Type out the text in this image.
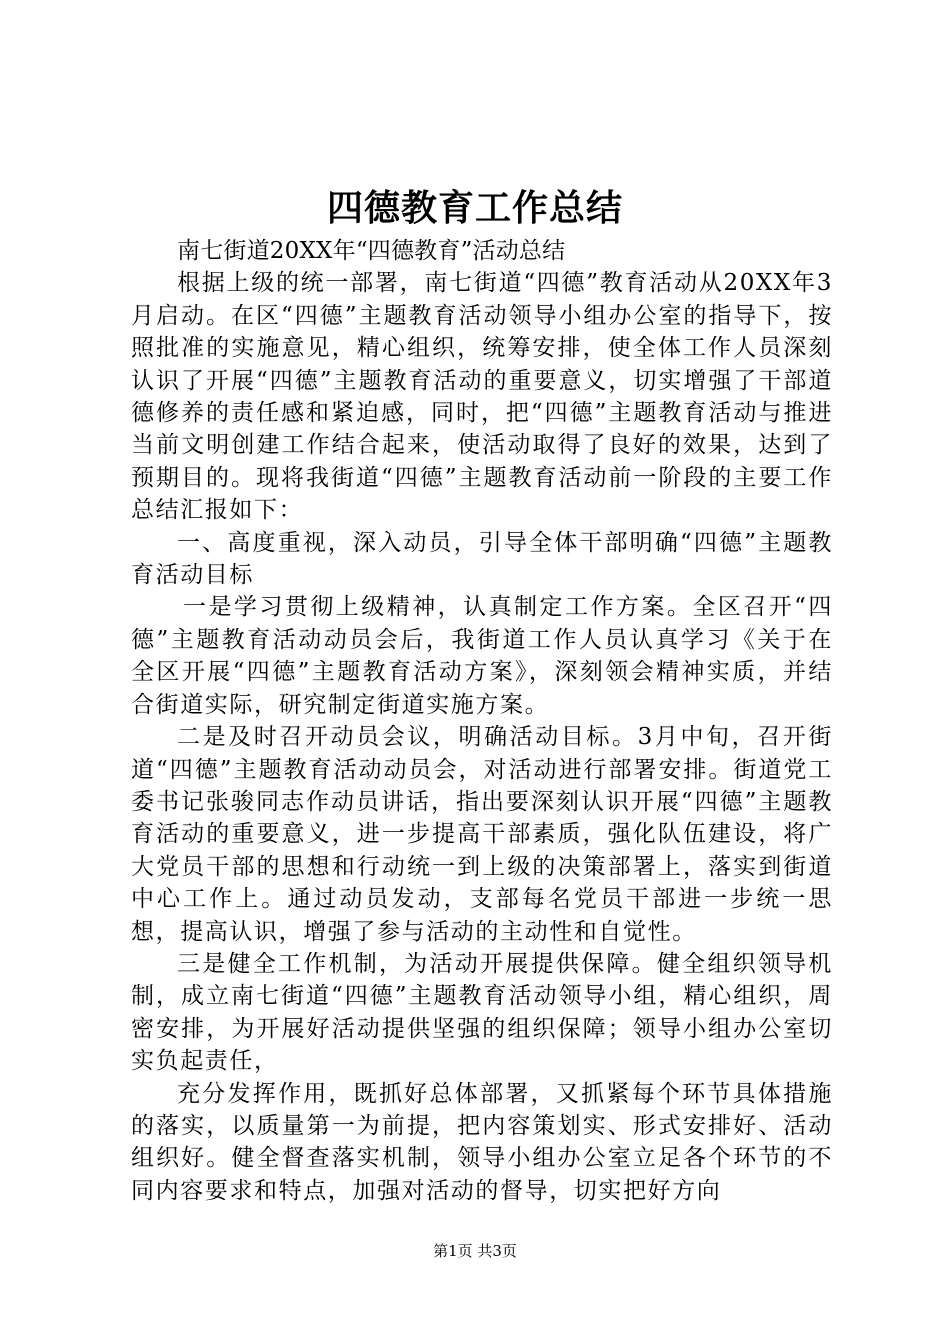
四德教育工作总结

南七街道20XX年“四德教育”活动总结

根据上级的统一部署，南七街道“四德”教育活动从20XX年3月启动。在区“四德”主题教育活动领导小组办公室的指导下，按照批准的实施意见，精心组织，统筹安排，使全体工作人员深刻认识了开展“四德”主题教育活动的重要意义，切实增强了干部道德修养的责任感和紧迫感，同时，把“四德”主题教育活动与推进当前文明创建工作结合起来，使活动取得了良好的效果，达到了预期目的。现将我街道“四德”主题教育活动前一阶段的主要工作总结汇报如下：

一、高度重视，深入动员，引导全体干部明确“四德”主题教育活动目标

一是学习贯彻上级精神，认真制定工作方案。全区召开“四德”主题教育活动动员会后，我街道工作人员认真学习《关于在全区开展“四德”主题教育活动方案》，深刻领会精神实质，并结合街道实际，研究制定街道实施方案。

二是及时召开动员会议，明确活动目标。3月中旬，召开街道“四德”主题教育活动动员会，对活动进行部署安排。街道党工委书记张骏同志作动员讲话，指出要深刻认识开展“四德”主题教育活动的重要意义，进一步提高干部素质，强化队伍建设，将广大党员干部的思想和行动统一到上级的决策部署上，落实到街道中心工作上。通过动员发动，支部每名党员干部进一步统一思想，提高认识，增强了参与活动的主动性和自觉性。

三是健全工作机制，为活动开展提供保障。健全组织领导机制，成立南七街道“四德”主题教育活动领导小组，精心组织，周密安排，为开展好活动提供坚强的组织保障；领导小组办公室切实负起责任，

充分发挥作用，既抓好总体部署，又抓紧每个环节具体措施的落实，以质量第一为前提，把内容策划实、形式安排好、活动组织好。健全督查落实机制，领导小组办公室立足各个环节的不同内容要求和特点，加强对活动的督导，切实把好方向

第1页 共3页
